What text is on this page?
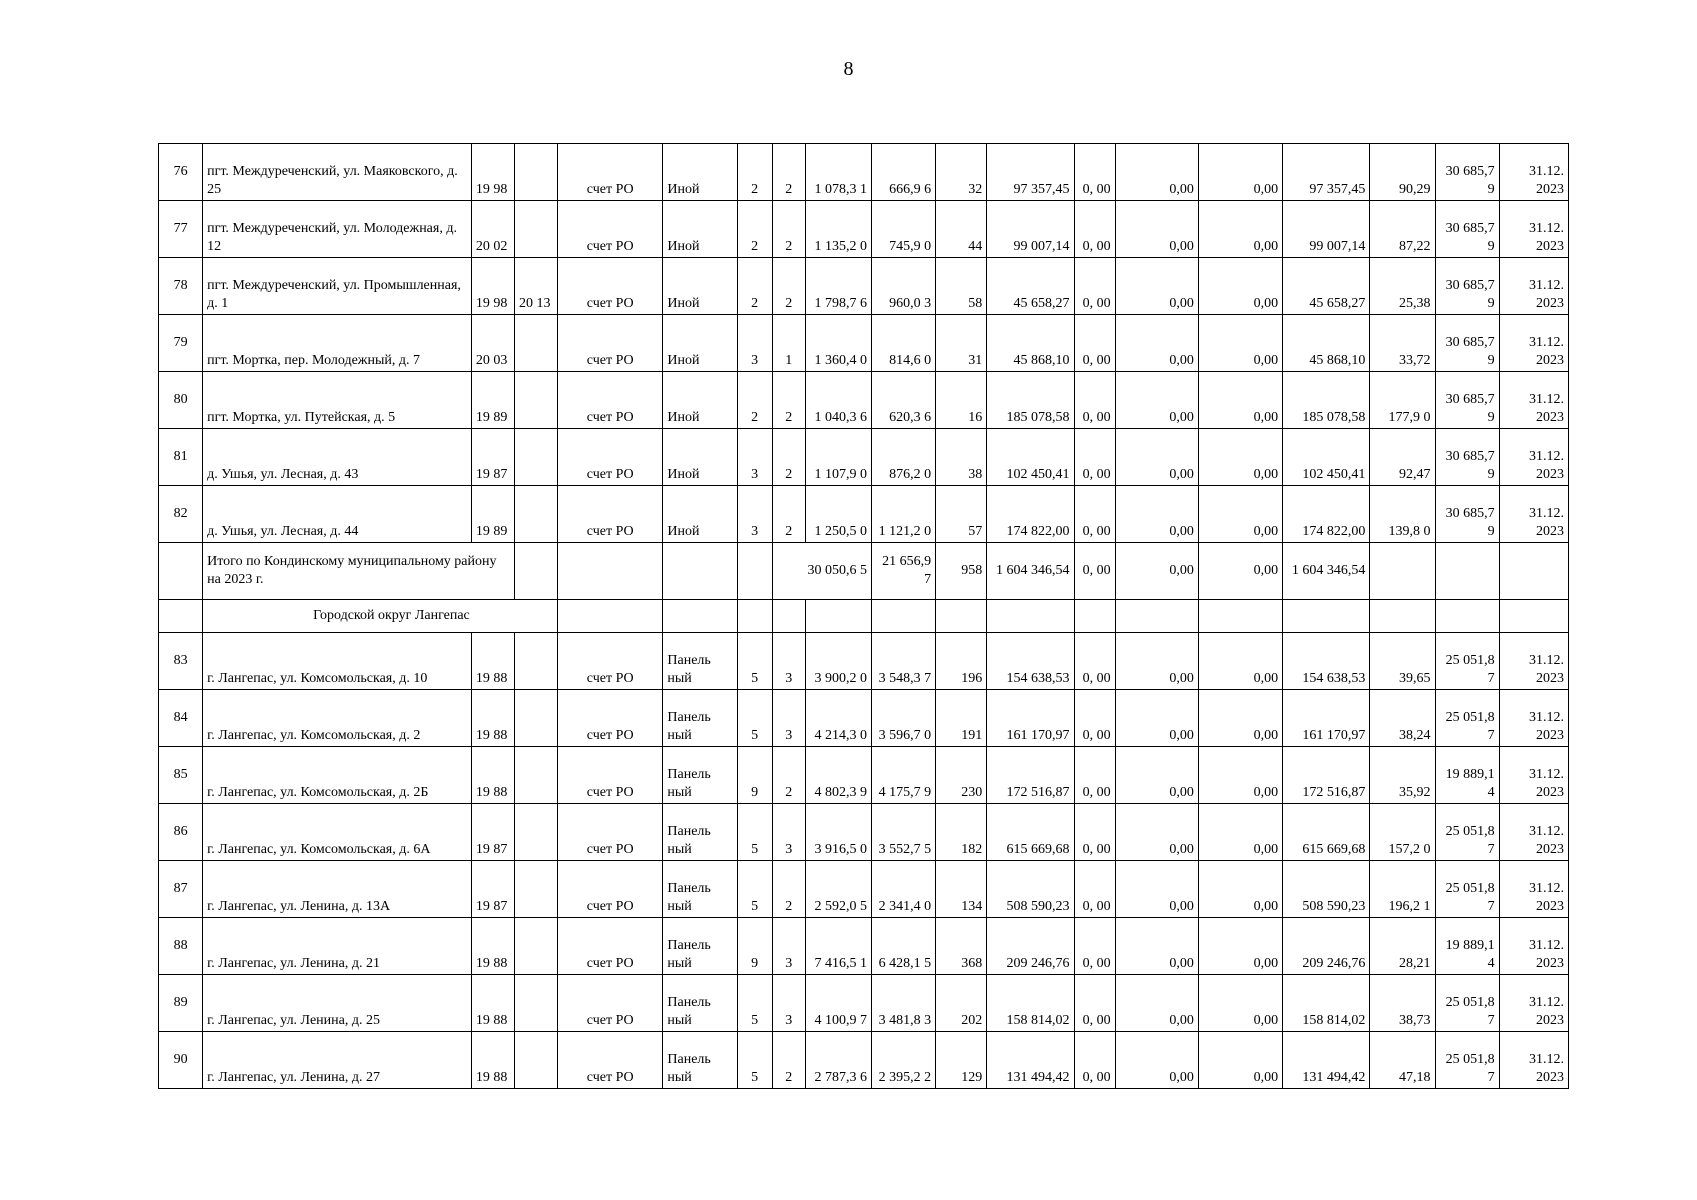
8
76	пгт. Междуреченский, ул. Маяковского, д. 25	19 98		счет РО	Иной	2	2	1 078,3 1	666,9 6	32	97 357,45	0, 00	0,00	0,00	97 357,45	90,29	30 685,7 9	31.12. 2023
77	пгт. Междуреченский, ул. Молодежная, д. 12	20 02		счет РО	Иной	2	2	1 135,2 0	745,9 0	44	99 007,14	0, 00	0,00	0,00	99 007,14	87,22	30 685,7 9	31.12. 2023
78	пгт. Междуреченский, ул. Промышленная, д. 1	19 98	20 13	счет РО	Иной	2	2	1 798,7 6	960,0 3	58	45 658,27	0, 00	0,00	0,00	45 658,27	25,38	30 685,7 9	31.12. 2023
79	пгт. Мортка, пер. Молодежный, д. 7	20 03		счет РО	Иной	3	1	1 360,4 0	814,6 0	31	45 868,10	0, 00	0,00	0,00	45 868,10	33,72	30 685,7 9	31.12. 2023
80	пгт. Мортка, ул. Путейская, д. 5	19 89		счет РО	Иной	2	2	1 040,3 6	620,3 6	16	185 078,58	0, 00	0,00	0,00	185 078,58	177,9 0	30 685,7 9	31.12. 2023
81	д. Ушья, ул. Лесная, д. 43	19 87		счет РО	Иной	3	2	1 107,9 0	876,2 0	38	102 450,41	0, 00	0,00	0,00	102 450,41	92,47	30 685,7 9	31.12. 2023
82	д. Ушья, ул. Лесная, д. 44	19 89		счет РО	Иной	3	2	1 250,5 0	1 121,2 0	57	174 822,00	0, 00	0,00	0,00	174 822,00	139,8 0	30 685,7 9	31.12. 2023
	Итого по Кондинскому муниципальному району на 2023 г.						30 050,6 5		21 656,9 7	958	1 604 346,54	0, 00	0,00	0,00	1 604 346,54			
	Городской округ Лангепас																	
83	г. Лангепас, ул. Комсомольская, д. 10	19 88		счет РО	Панель ный	5	3	3 900,2 0	3 548,3 7	196	154 638,53	0, 00	0,00	0,00	154 638,53	39,65	25 051,8 7	31.12. 2023
84	г. Лангепас, ул. Комсомольская, д. 2	19 88		счет РО	Панель ный	5	3	4 214,3 0	3 596,7 0	191	161 170,97	0, 00	0,00	0,00	161 170,97	38,24	25 051,8 7	31.12. 2023
85	г. Лангепас, ул. Комсомольская, д. 2Б	19 88		счет РО	Панель ный	9	2	4 802,3 9	4 175,7 9	230	172 516,87	0, 00	0,00	0,00	172 516,87	35,92	19 889,1 4	31.12. 2023
86	г. Лангепас, ул. Комсомольская, д. 6А	19 87		счет РО	Панель ный	5	3	3 916,5 0	3 552,7 5	182	615 669,68	0, 00	0,00	0,00	615 669,68	157,2 0	25 051,8 7	31.12. 2023
87	г. Лангепас, ул. Ленина, д. 13А	19 87		счет РО	Панель ный	5	2	2 592,0 5	2 341,4 0	134	508 590,23	0, 00	0,00	0,00	508 590,23	196,2 1	25 051,8 7	31.12. 2023
88	г. Лангепас, ул. Ленина, д. 21	19 88		счет РО	Панель ный	9	3	7 416,5 1	6 428,1 5	368	209 246,76	0, 00	0,00	0,00	209 246,76	28,21	19 889,1 4	31.12. 2023
89	г. Лангепас, ул. Ленина, д. 25	19 88		счет РО	Панель ный	5	3	4 100,9 7	3 481,8 3	202	158 814,02	0, 00	0,00	0,00	158 814,02	38,73	25 051,8 7	31.12. 2023
90	г. Лангепас, ул. Ленина, д. 27	19 88		счет РО	Панель ный	5	2	2 787,3 6	2 395,2 2	129	131 494,42	0, 00	0,00	0,00	131 494,42	47,18	25 051,8 7	31.12. 2023
